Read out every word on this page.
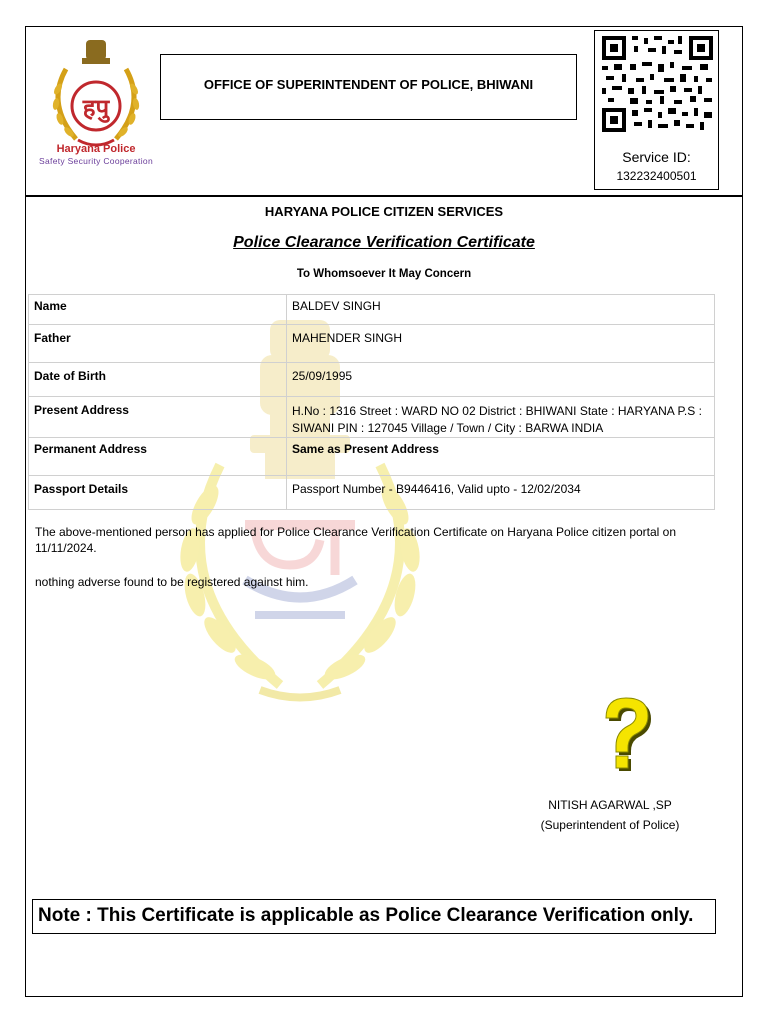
हपु
Haryana Police
Safety Security Cooperation
OFFICE OF SUPERINTENDENT OF POLICE, BHIWANI
Service ID:
132232400501
HARYANA POLICE CITIZEN SERVICES
Police Clearance Verification Certificate
To Whomsoever It May Concern
Name	BALDEV SINGH
Father	MAHENDER SINGH
Date of Birth	25/09/1995
Present Address	H.No : 1316 Street : WARD NO 02 District : BHIWANI State : HARYANA P.S : SIWANI PIN : 127045 Village / Town / City : BARWA INDIA
Permanent Address	Same as Present Address
Passport Details	Passport Number - B9446416, Valid upto - 12/02/2034
The above-mentioned person has applied for Police Clearance Verification Certificate on Haryana Police citizen portal on 11/11/2024.
nothing adverse found to be registered against him.
NITISH AGARWAL ,SP
(Superintendent of Police)
Note : This Certificate is applicable as Police Clearance Verification only.
